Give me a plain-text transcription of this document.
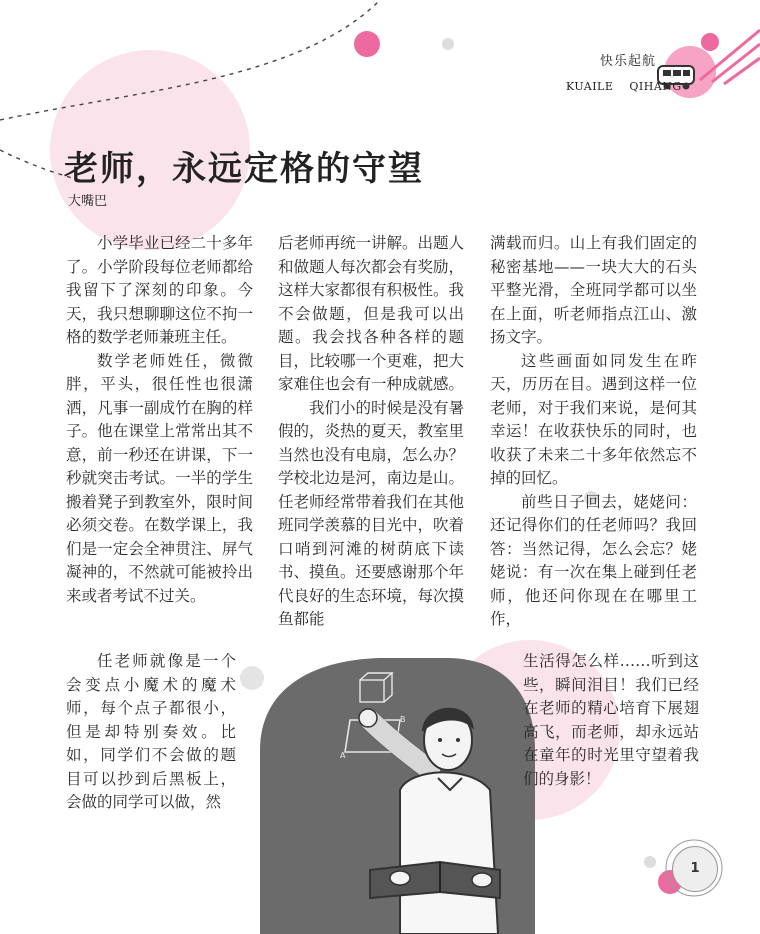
快乐起航
KUAILE QIHANG
老师，永远定格的守望
大嘴巴
A
B

小学毕业已经二十多年了。小学阶段每位老师都给我留下了深刻的印象。今天，我只想聊聊这位不拘一格的数学老师兼班主任。

数学老师姓任，微微胖，平头，很任性也很潇洒，凡事一副成竹在胸的样子。他在课堂上常常出其不意，前一秒还在讲课，下一秒就突击考试。一半的学生搬着凳子到教室外，限时间必须交卷。在数学课上，我们是一定会全神贯注、屏气凝神的，不然就可能被拎出来或者考试不过关。

任老师就像是一个会变点小魔术的魔术师，每个点子都很小，但是却特别奏效。比如，同学们不会做的题目可以抄到后黑板上，会做的同学可以做，然

后老师再统一讲解。出题人和做题人每次都会有奖励，这样大家都很有积极性。我不会做题，但是我可以出题。我会找各种各样的题目，比较哪一个更难，把大家难住也会有一种成就感。

我们小的时候是没有暑假的，炎热的夏天，教室里当然也没有电扇，怎么办？学校北边是河，南边是山。任老师经常带着我们在其他班同学羡慕的目光中，吹着口哨到河滩的树荫底下读书、摸鱼。还要感谢那个年代良好的生态环境，每次摸鱼都能

满载而归。山上有我们固定的秘密基地——一块大大的石头平整光滑，全班同学都可以坐在上面，听老师指点江山、激扬文字。

这些画面如同发生在昨天，历历在目。遇到这样一位老师，对于我们来说，是何其幸运！在收获快乐的同时，也收获了未来二十多年依然忘不掉的回忆。

前些日子回去，姥姥问：还记得你们的任老师吗？我回答：当然记得，怎么会忘？姥姥说：有一次在集上碰到任老师，他还问你现在在哪里工作，

生活得怎么样……听到这些，瞬间泪目！我们已经在老师的精心培育下展翅高飞，而老师，却永远站在童年的时光里守望着我们的身影！

1
